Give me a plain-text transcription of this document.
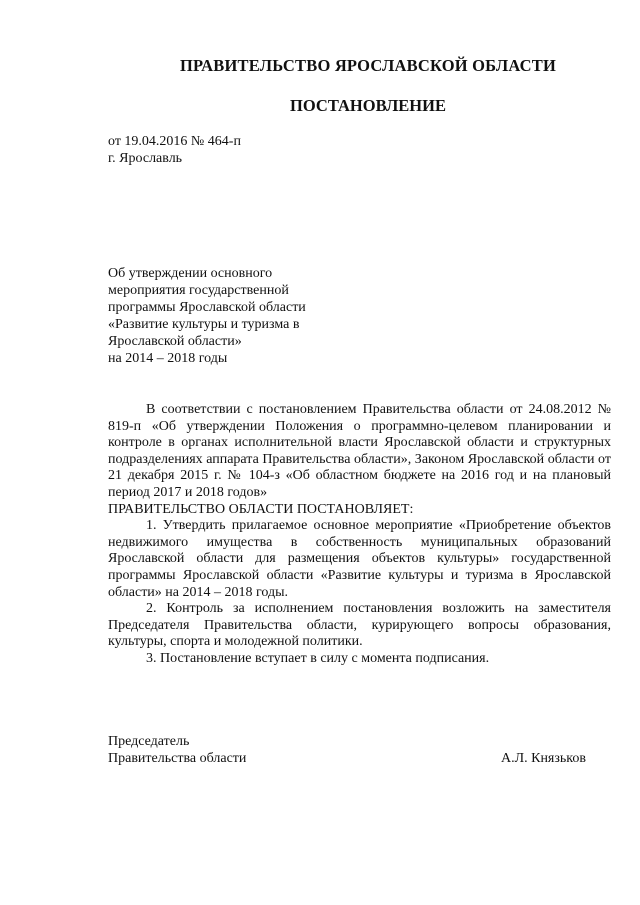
ПРАВИТЕЛЬСТВО ЯРОСЛАВСКОЙ ОБЛАСТИ
ПОСТАНОВЛЕНИЕ
от 19.04.2016 № 464-п
г. Ярославль
Об утверждении основного
мероприятия государственной
программы Ярославской области
«Развитие культуры и туризма в
Ярославской области»
на 2014 – 2018 годы

В соответствии с постановлением Правительства области от 24.08.2012 № 819-п «Об утверждении Положения о программно-целевом планировании и контроле в органах исполнительной власти Ярославской области и структурных подразделениях аппарата Правительства области», Законом Ярославской области от 21 декабря 2015 г. № 104-з «Об областном бюджете на 2016 год и на плановый период 2017 и 2018 годов»

ПРАВИТЕЛЬСТВО ОБЛАСТИ ПОСТАНОВЛЯЕТ:

1. Утвердить прилагаемое основное мероприятие «Приобретение объектов недвижимого имущества в собственность муниципальных образований Ярославской области для размещения объектов культуры» государственной программы Ярославской области «Развитие культуры и туризма в Ярославской области» на 2014 – 2018 годы.

2. Контроль за исполнением постановления возложить на заместителя Председателя Правительства области, курирующего вопросы образования, культуры, спорта и молодежной политики.

3. Постановление вступает в силу с момента подписания.

Председатель
Правительства области	А.Л. Князьков
